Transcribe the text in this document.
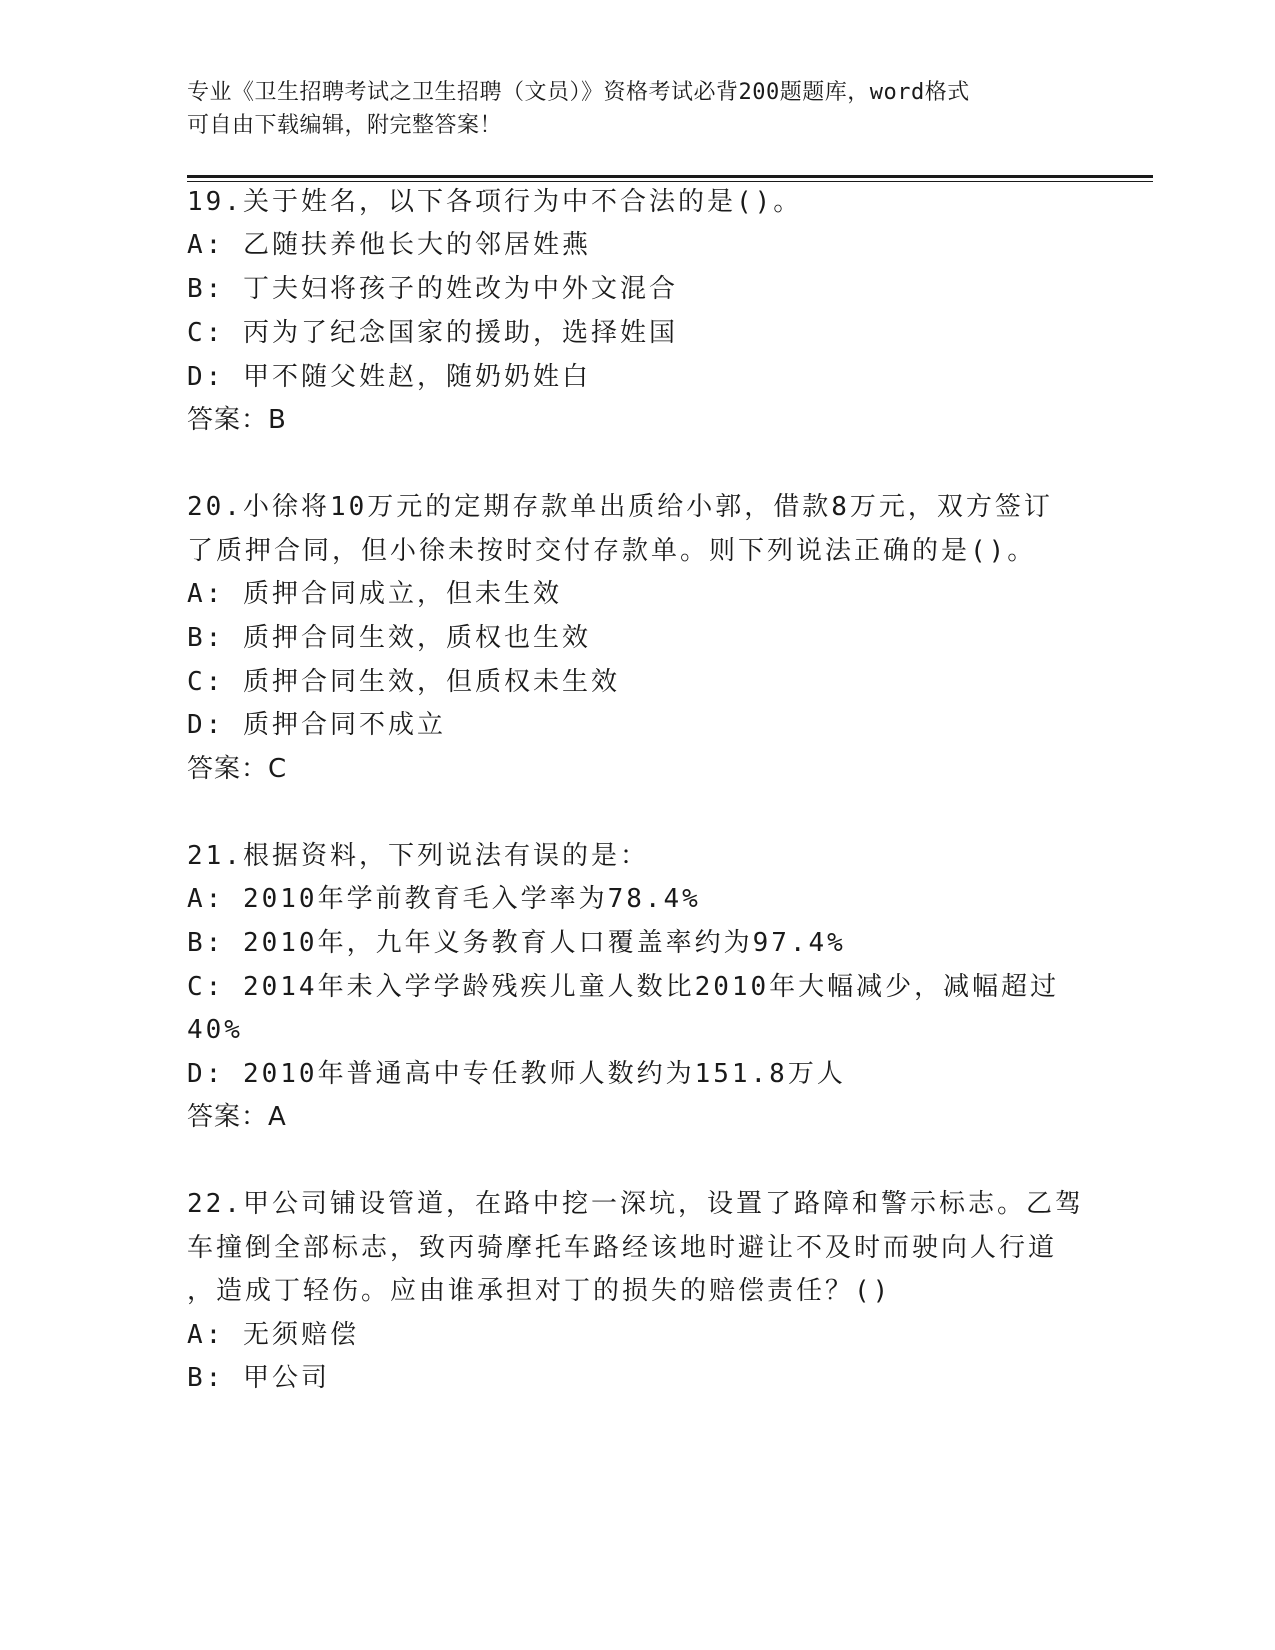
专业《卫生招聘考试之卫生招聘（文员）》资格考试必背200题题库，word格式
可自由下载编辑，附完整答案！
19.关于姓名，以下各项行为中不合法的是()。
A: 乙随扶养他长大的邻居姓燕
B: 丁夫妇将孩子的姓改为中外文混合
C: 丙为了纪念国家的援助，选择姓国
D: 甲不随父姓赵，随奶奶姓白
答案：B
20.小徐将10万元的定期存款单出质给小郭，借款8万元，双方签订
了质押合同，但小徐未按时交付存款单。则下列说法正确的是()。
A: 质押合同成立，但未生效
B: 质押合同生效，质权也生效
C: 质押合同生效，但质权未生效
D: 质押合同不成立
答案：C
21.根据资料，下列说法有误的是：
A: 2010年学前教育毛入学率为78.4%
B: 2010年，九年义务教育人口覆盖率约为97.4%
C: 2014年未入学学龄残疾儿童人数比2010年大幅减少，减幅超过
40%
D: 2010年普通高中专任教师人数约为151.8万人
答案：A
22.甲公司铺设管道，在路中挖一深坑，设置了路障和警示标志。乙驾
车撞倒全部标志，致丙骑摩托车路经该地时避让不及时而驶向人行道
，造成丁轻伤。应由谁承担对丁的损失的赔偿责任？()
A: 无须赔偿
B: 甲公司
